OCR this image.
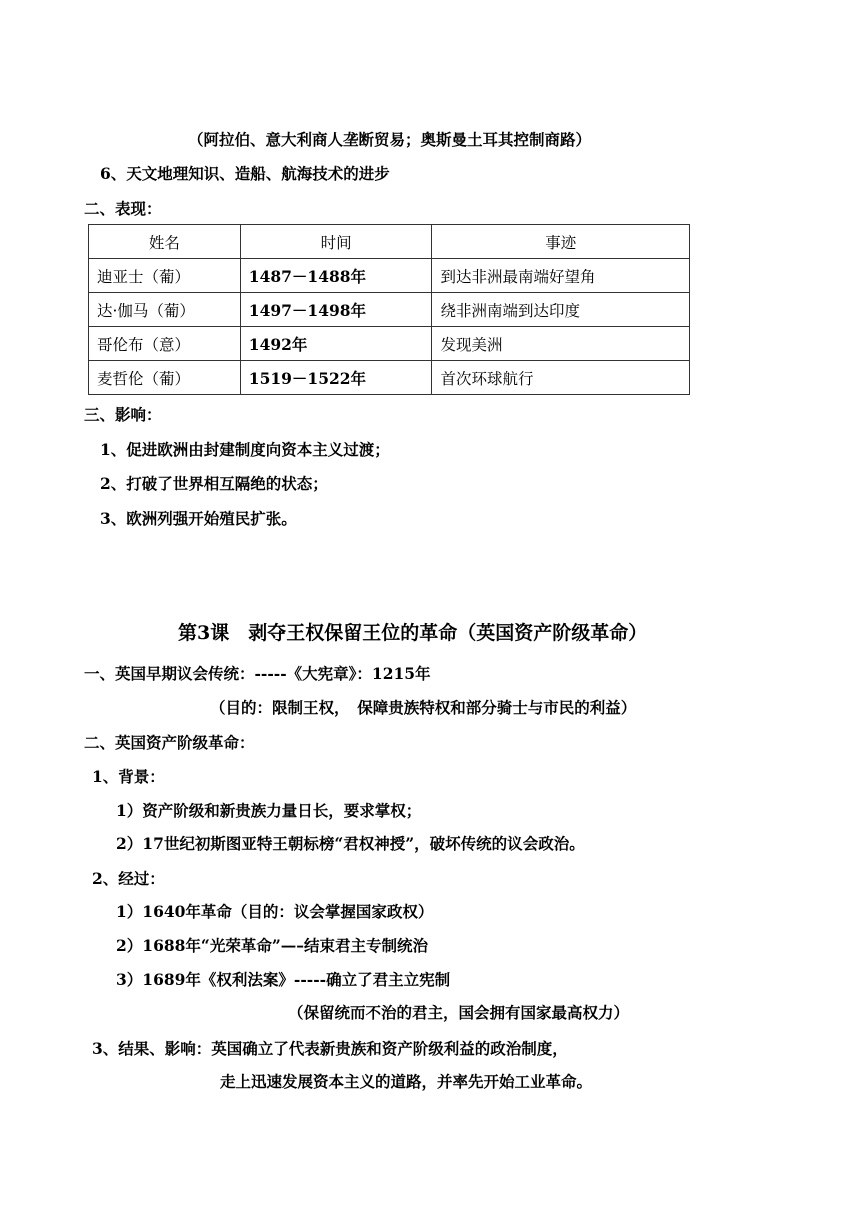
（阿拉伯、意大利商人垄断贸易；奥斯曼土耳其控制商路）
6、天文地理知识、造船、航海技术的进步
二、表现：
姓名	时间	事迹
迪亚士（葡）	1487－1488年	到达非洲最南端好望角
达·伽马（葡）	1497－1498年	绕非洲南端到达印度
哥伦布（意）	1492年	发现美洲
麦哲伦（葡）	1519－1522年	首次环球航行
三、影响：
1、促进欧洲由封建制度向资本主义过渡；
2、打破了世界相互隔绝的状态；
3、欧洲列强开始殖民扩张。
第3课　剥夺王权保留王位的革命（英国资产阶级革命）
一、英国早期议会传统：-----《大宪章》：1215年
（目的：限制王权，　保障贵族特权和部分骑士与市民的利益）
二、英国资产阶级革命：
1、背景：
1）资产阶级和新贵族力量日长，要求掌权；
2）17世纪初斯图亚特王朝标榜“君权神授”，破坏传统的议会政治。
2、经过：
1）1640年革命（目的：议会掌握国家政权）
2）1688年“光荣革命”—–结束君主专制统治
3）1689年《权利法案》-----确立了君主立宪制
（保留统而不治的君主，国会拥有国家最高权力）
3、结果、影响：英国确立了代表新贵族和资产阶级利益的政治制度，
走上迅速发展资本主义的道路，并率先开始工业革命。
